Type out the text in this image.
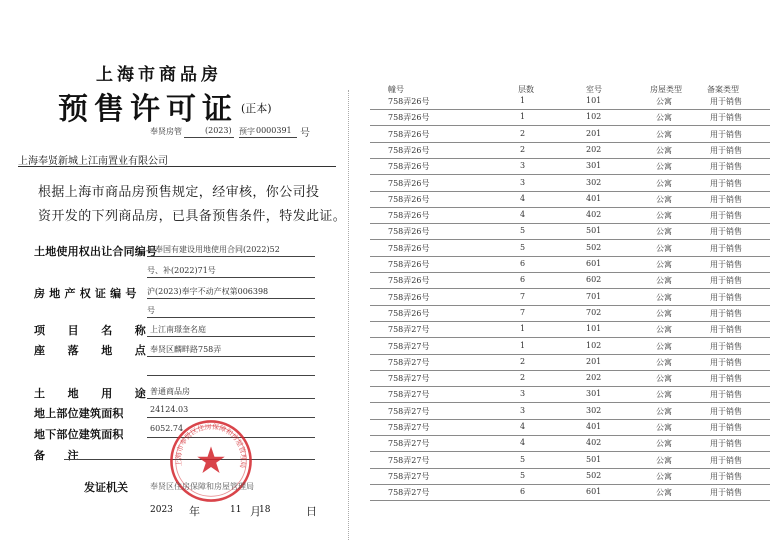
上海市商品房
预售许可证 (正本)
奉贤房管	(2023) 预字 0000391 号
上海奉贤新城上江南置业有限公司
根据上海市商品房预售规定，经审核，你公司投
资开发的下列商品房，已具备预售条件，特发此证。
土地使用权出让合同编号
沪奉国有建设用地使用合同(2022)52
号、补(2022)71号
房 地 产 权 证 编 号 沪(2023)奉字不动产权第006398
号
项　　目　　名　　称 上江南璟奎名庭
座　　落　　地　　点 奉贤区麟畔路758弄
土　　地　　用　　途 普通商品房
地上部位建筑面积	24124.03
地下部位建筑面积	6052.74
备　　注
上海市奉贤区住房保障和房屋管理局
发证机关	奉贤区住房保障和房屋管理局
2023 年	11 月
18	日
幢号	层数	室号	房屋类型	备案类型
758弄26号	1	101	公寓	用于销售
758弄26号	1	102	公寓	用于销售
758弄26号	2	201	公寓	用于销售
758弄26号	2	202	公寓	用于销售
758弄26号	3	301	公寓	用于销售
758弄26号	3	302	公寓	用于销售
758弄26号	4	401	公寓	用于销售
758弄26号	4	402	公寓	用于销售
758弄26号	5	501	公寓	用于销售
758弄26号	5	502	公寓	用于销售
758弄26号	6	601	公寓	用于销售
758弄26号	6	602	公寓	用于销售
758弄26号	7	701	公寓	用于销售
758弄26号	7	702	公寓	用于销售
758弄27号	1	101	公寓	用于销售
758弄27号	1	102	公寓	用于销售
758弄27号	2	201	公寓	用于销售
758弄27号	2	202	公寓	用于销售
758弄27号	3	301	公寓	用于销售
758弄27号	3	302	公寓	用于销售
758弄27号	4	401	公寓	用于销售
758弄27号	4	402	公寓	用于销售
758弄27号	5	501	公寓	用于销售
758弄27号	5	502	公寓	用于销售
758弄27号	6	601	公寓	用于销售
